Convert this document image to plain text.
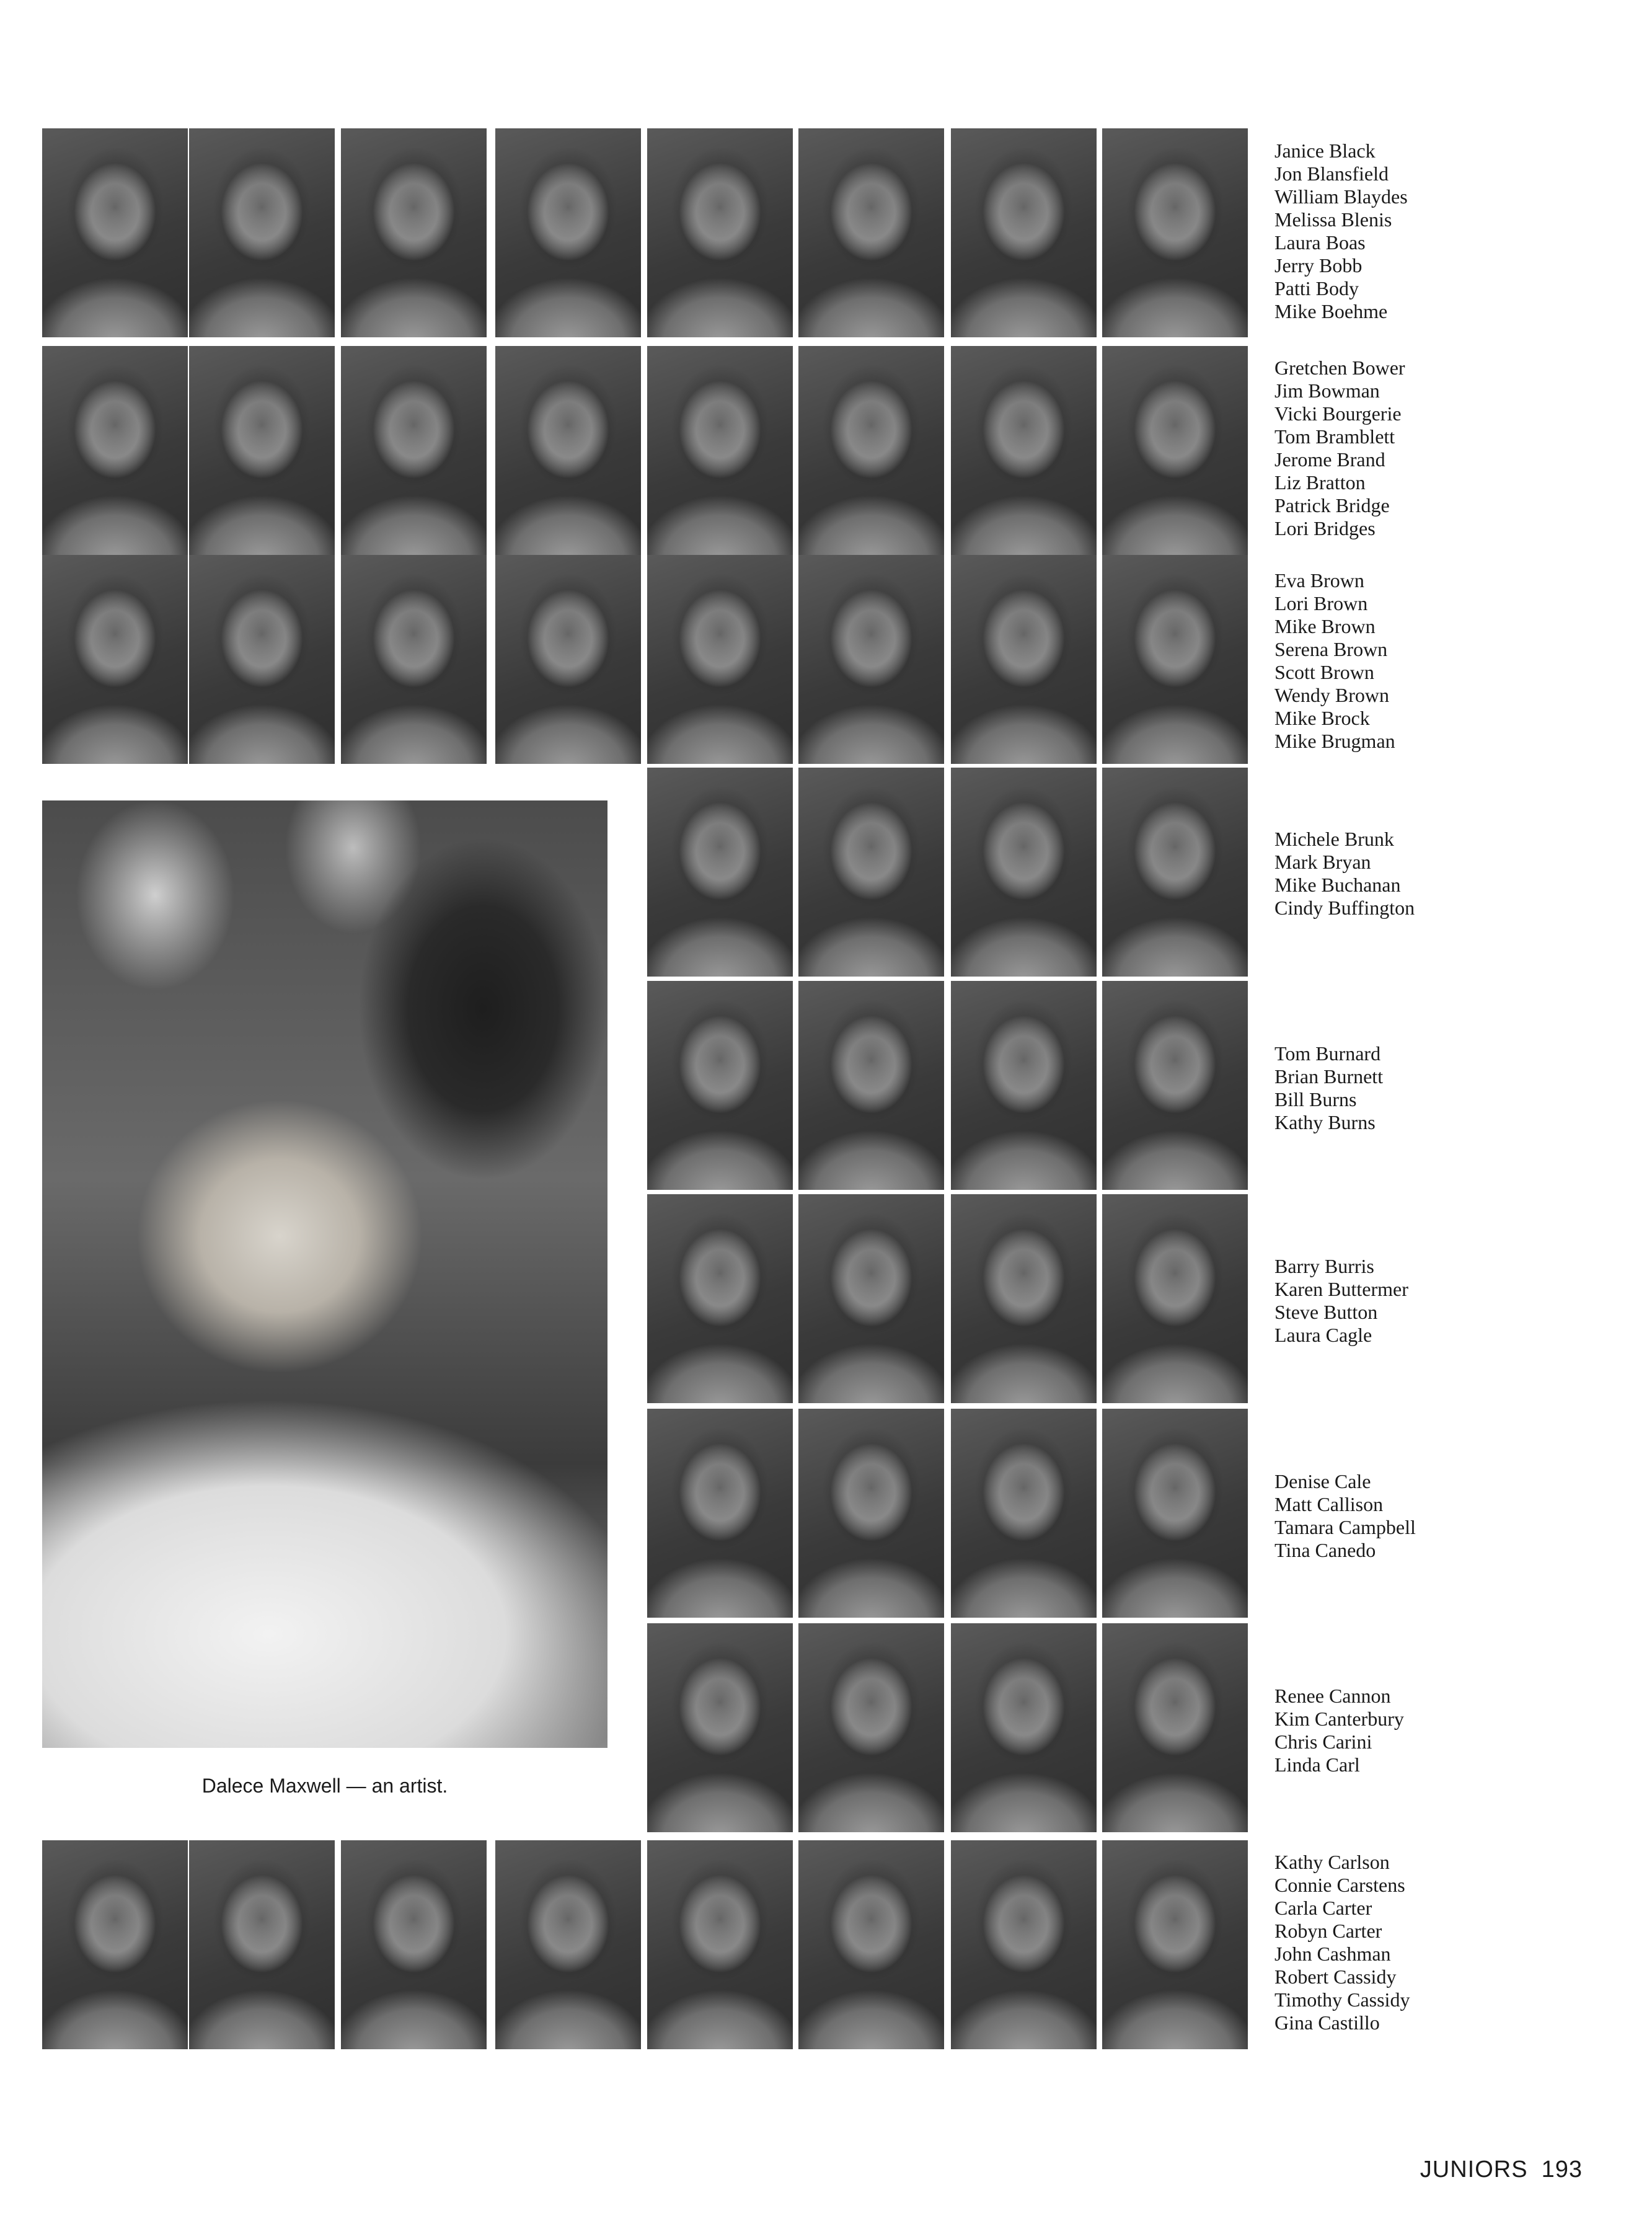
Dalece Maxwell — an artist.
Janice Black
Jon Blansfield
William Blaydes
Melissa Blenis
Laura Boas
Jerry Bobb
Patti Body
Mike Boehme
Gretchen Bower
Jim Bowman
Vicki Bourgerie
Tom Bramblett
Jerome Brand
Liz Bratton
Patrick Bridge
Lori Bridges
Eva Brown
Lori Brown
Mike Brown
Serena Brown
Scott Brown
Wendy Brown
Mike Brock
Mike Brugman
Michele Brunk
Mark Bryan
Mike Buchanan
Cindy Buffington
Tom Burnard
Brian Burnett
Bill Burns
Kathy Burns
Barry Burris
Karen Buttermer
Steve Button
Laura Cagle
Denise Cale
Matt Callison
Tamara Campbell
Tina Canedo
Renee Cannon
Kim Canterbury
Chris Carini
Linda Carl
Kathy Carlson
Connie Carstens
Carla Carter
Robyn Carter
John Cashman
Robert Cassidy
Timothy Cassidy
Gina Castillo
JUNIORS 193
